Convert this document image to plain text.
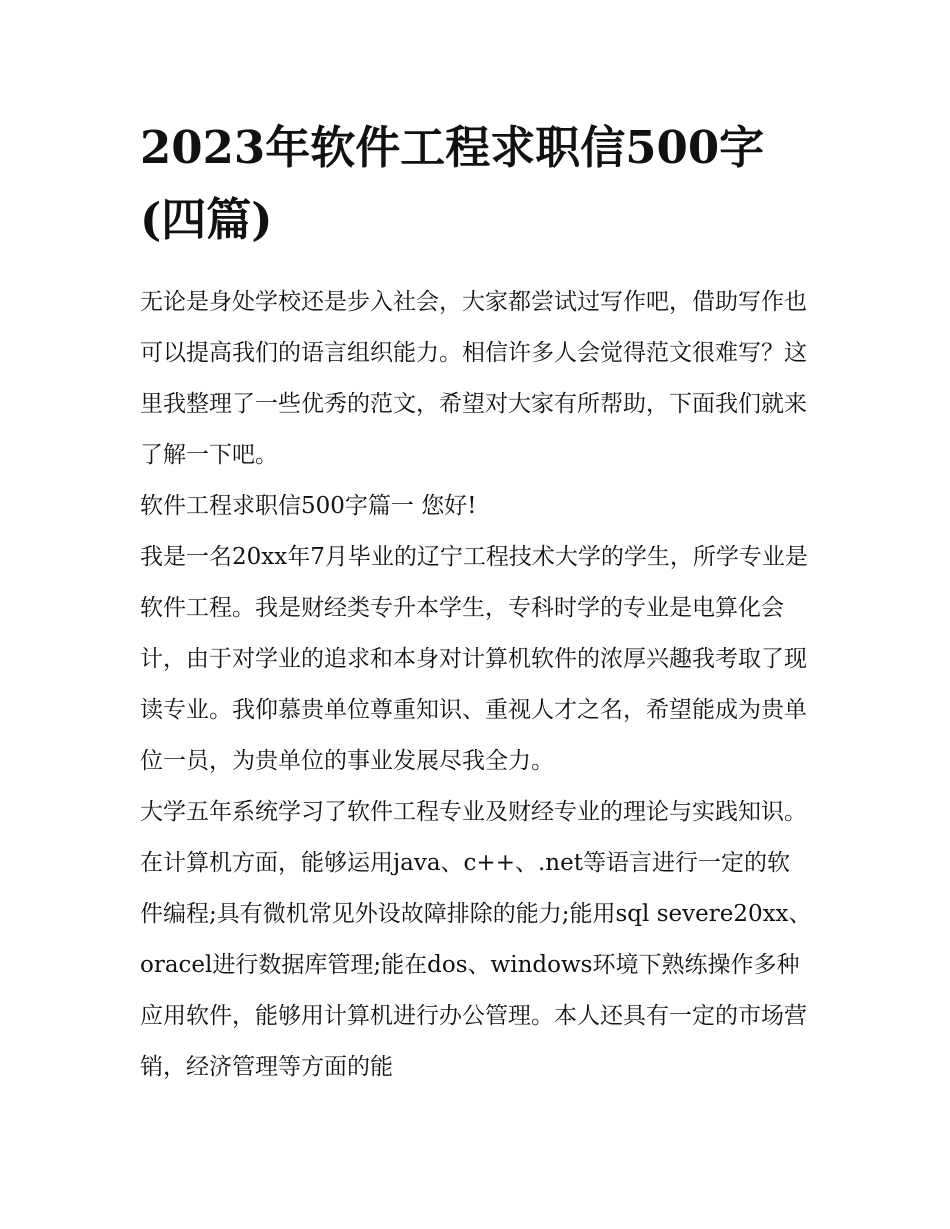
2023年软件工程求职信500字(四篇)

无论是身处学校还是步入社会，大家都尝试过写作吧，借助写作也可以提高我们的语言组织能力。相信许多人会觉得范文很难写？这里我整理了一些优秀的范文，希望对大家有所帮助，下面我们就来了解一下吧。

软件工程求职信500字篇一 您好!

我是一名20xx年7月毕业的辽宁工程技术大学的学生，所学专业是软件工程。我是财经类专升本学生，专科时学的专业是电算化会计，由于对学业的追求和本身对计算机软件的浓厚兴趣我考取了现读专业。我仰慕贵单位尊重知识、重视人才之名，希望能成为贵单位一员，为贵单位的事业发展尽我全力。

大学五年系统学习了软件工程专业及财经专业的理论与实践知识。在计算机方面，能够运用java、c++、.net等语言进行一定的软件编程;具有微机常见外设故障排除的能力;能用sql severe20xx、oracel进行数据库管理;能在dos、windows环境下熟练操作多种应用软件，能够用计算机进行办公管理。本人还具有一定的市场营销，经济管理等方面的能
